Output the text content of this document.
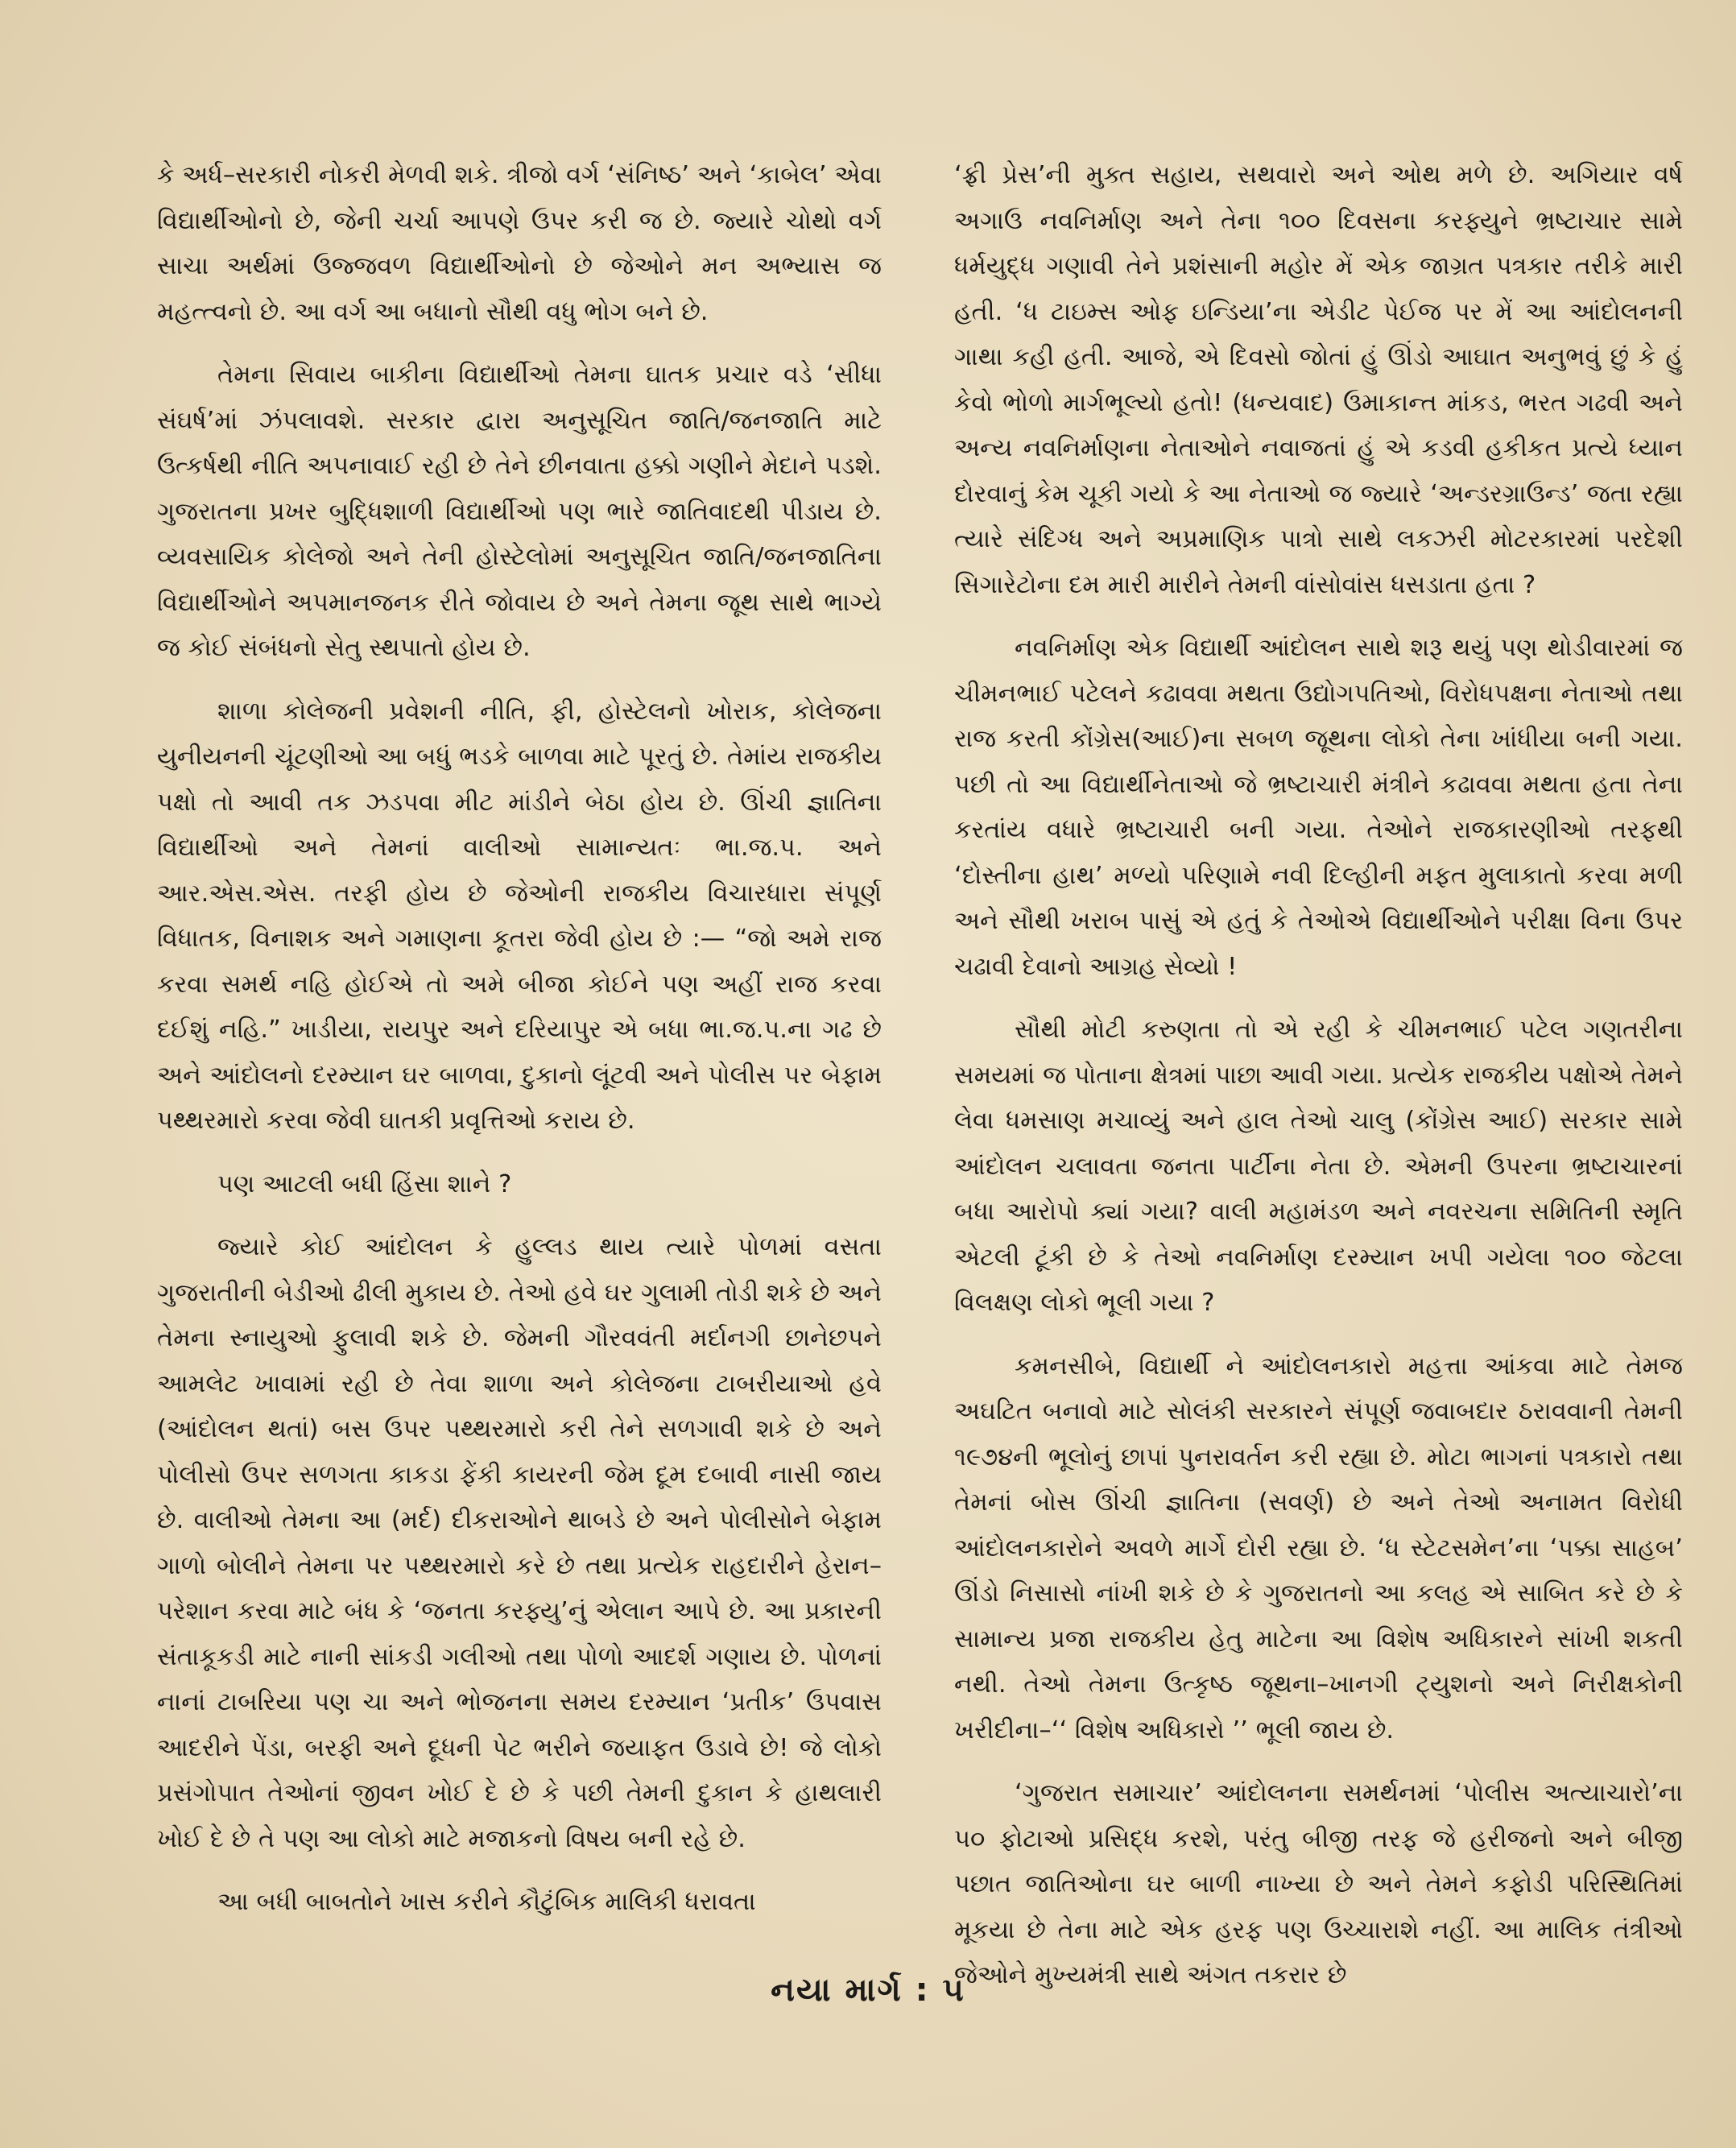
કે અર્ધ–સરકારી નોકરી મેળવી શકે. ત્રીજો વર્ગ ‘સંનિષ્ઠ’ અને ‘કાબેલ’ એવા વિદ્યાર્થીઓનો છે, જેની ચર્ચા આપણે ઉપર કરી જ છે. જ્યારે ચોથો વર્ગ સાચા અર્થમાં ઉજ્જવળ વિદ્યાર્થીઓનો છે જેઓને મન અભ્યાસ જ મહત્ત્વનો છે. આ વર્ગ આ બધાનો સૌથી વધુ ભોગ બને છે.

તેમના સિવાય બાકીના વિદ્યાર્થીઓ તેમના ઘાતક પ્રચાર વડે ‘સીધા સંઘર્ષ’માં ઝંપલાવશે. સરકાર દ્વારા અનુસૂચિત જાતિ/જનજાતિ માટે ઉત્કર્ષથી નીતિ અપનાવાઈ રહી છે તેને છીનવાતા હક્કો ગણીને મેદાને પડશે. ગુજરાતના પ્રખર બુદ્ધિશાળી વિદ્યાર્થીઓ પણ ભારે જાતિવાદથી પીડાય છે. વ્યવસાયિક કોલેજો અને તેની હોસ્ટેલોમાં અનુસૂચિત જાતિ/જનજાતિના વિદ્યાર્થીઓને અપમાનજનક રીતે જોવાય છે અને તેમના જૂથ સાથે ભાગ્યે જ કોઈ સંબંધનો સેતુ સ્થપાતો હોય છે.

શાળા કોલેજની પ્રવેશની નીતિ, ફી, હોસ્ટેલનો ખોરાક, કોલેજના યુનીયનની ચૂંટણીઓ આ બધું ભડકે બાળવા માટે પૂરતું છે. તેમાંય રાજકીય પક્ષો તો આવી તક ઝડપવા મીટ માંડીને બેઠા હોય છે. ઊંચી જ્ઞાતિના વિદ્યાર્થીઓ અને તેમનાં વાલીઓ સામાન્યતઃ ભા.જ.પ. અને આર.એસ.એસ. તરફી હોય છે જેઓની રાજકીય વિચારધારા સંપૂર્ણ વિધાતક, વિનાશક અને ગમાણના કૂતરા જેવી હોય છે :— “જો અમે રાજ કરવા સમર્થ નહિ હોઈએ તો અમે બીજા કોઈને પણ અહીં રાજ કરવા દઈશું નહિ.” ખાડીયા, રાયપુર અને દરિયાપુર એ બધા ભા.જ.પ.ના ગઢ છે અને આંદોલનો દરમ્યાન ઘર બાળવા, દુકાનો લૂંટવી અને પોલીસ પર બેફામ પથ્થરમારો કરવા જેવી ઘાતકી પ્રવૃત્તિઓ કરાય છે.

પણ આટલી બધી હિંસા શાને ?

જ્યારે કોઈ આંદોલન કે હુલ્લડ થાય ત્યારે પોળમાં વસતા ગુજરાતીની બેડીઓ ઢીલી મુકાય છે. તેઓ હવે ઘર ગુલામી તોડી શકે છે અને તેમના સ્નાયુઓ ફુલાવી શકે છે. જેમની ગૌરવવંતી મર્દાનગી છાનેછપને આમલેટ ખાવામાં રહી છે તેવા શાળા અને કોલેજના ટાબરીયાઓ હવે (આંદોલન થતાં) બસ ઉપર પથ્થરમારો કરી તેને સળગાવી શકે છે અને પોલીસો ઉપર સળગતા કાકડા ફેંકી કાયરની જેમ દૂમ દબાવી નાસી જાય છે. વાલીઓ તેમના આ (મર્દ) દીકરાઓને થાબડે છે અને પોલીસોને બેફામ ગાળો બોલીને તેમના પર પથ્થરમારો કરે છે તથા પ્રત્યેક રાહદારીને હેરાન–પરેશાન કરવા માટે બંધ કે ‘જનતા કરફ્યુ’નું એલાન આપે છે. આ પ્રકારની સંતાકૂકડી માટે નાની સાંકડી ગલીઓ તથા પોળો આદર્શ ગણાય છે. પોળનાં નાનાં ટાબરિયા પણ ચા અને ભોજનના સમય દરમ્યાન ‘પ્રતીક’ ઉપવાસ આદરીને પેંડા, બરફી અને દૂધની પેટ ભરીને જયાફત ઉડાવે છે! જે લોકો પ્રસંગોપાત તેઓનાં જીવન ખોઈ દે છે કે પછી તેમની દુકાન કે હાથલારી ખોઈ દે છે તે પણ આ લોકો માટે મજાકનો વિષય બની રહે છે.

આ બધી બાબતોને ખાસ કરીને કૌટુંબિક માલિકી ધરાવતા

‘ફ્રી પ્રેસ’ની મુક્ત સહાય, સથવારો અને ઓથ મળે છે. અગિયાર વર્ષ અગાઉ નવનિર્માણ અને તેના ૧૦૦ દિવસના કરફ્યુને ભ્રષ્ટાચાર સામે ધર્મયુદ્ધ ગણાવી તેને પ્રશંસાની મહોર મેં એક જાગ્રત પત્રકાર તરીકે મારી હતી. ‘ધ ટાઇમ્સ ઓફ ઇન્ડિયા’ના એડીટ પેઈજ પર મેં આ આંદોલનની ગાથા કહી હતી. આજે, એ દિવસો જોતાં હું ઊંડો આઘાત અનુભવું છું કે હું કેવો ભોળો માર્ગભૂલ્યો હતો! (ધન્યવાદ) ઉમાકાન્ત માંકડ, ભરત ગઢવી અને અન્ય નવનિર્માણના નેતાઓને નવાજતાં હું એ કડવી હકીકત પ્રત્યે ધ્યાન દોરવાનું કેમ ચૂકી ગયો કે આ નેતાઓ જ જ્યારે ‘અન્ડરગ્રાઉન્ડ’ જતા રહ્યા ત્યારે સંદિગ્ધ અને અપ્રમાણિક પાત્રો સાથે લકઝરી મોટરકારમાં પરદેશી સિગારેટોના દમ મારી મારીને તેમની વાંસોવાંસ ધસડાતા હતા ?

નવનિર્માણ એક વિદ્યાર્થી આંદોલન સાથે શરૂ થયું પણ થોડીવારમાં જ ચીમનભાઈ પટેલને કઢાવવા મથતા ઉદ્યોગપતિઓ, વિરોધપક્ષના નેતાઓ તથા રાજ કરતી કોંગ્રેસ(આઈ)ના સબળ જૂથના લોકો તેના ખાંધીયા બની ગયા. પછી તો આ વિદ્યાર્થીનેતાઓ જે ભ્રષ્ટાચારી મંત્રીને કઢાવવા મથતા હતા તેના કરતાંય વધારે ભ્રષ્ટાચારી બની ગયા. તેઓને રાજકારણીઓ તરફથી ‘દોસ્તીના હાથ’ મળ્યો પરિણામે નવી દિલ્હીની મફત મુલાકાતો કરવા મળી અને સૌથી ખરાબ પાસું એ હતું કે તેઓએ વિદ્યાર્થીઓને પરીક્ષા વિના ઉપર ચઢાવી દેવાનો આગ્રહ સેવ્યો !

સૌથી મોટી કરુણતા તો એ રહી કે ચીમનભાઈ પટેલ ગણતરીના સમયમાં જ પોતાના ક્ષેત્રમાં પાછા આવી ગયા. પ્રત્યેક રાજકીય પક્ષોએ તેમને લેવા ધમસાણ મચાવ્યું અને હાલ તેઓ ચાલુ (કોંગ્રેસ આઈ) સરકાર સામે આંદોલન ચલાવતા જનતા પાર્ટીના નેતા છે. એમની ઉપરના ભ્રષ્ટાચારનાં બધા આરોપો ક્યાં ગયા? વાલી મહામંડળ અને નવરચના સમિતિની સ્મૃતિ એટલી ટૂંકી છે કે તેઓ નવનિર્માણ દરમ્યાન ખપી ગયેલા ૧૦૦ જેટલા વિલક્ષણ લોકો ભૂલી ગયા ?

કમનસીબે, વિદ્યાર્થી ને આંદોલનકારો મહત્તા આંકવા માટે તેમજ અઘટિત બનાવો માટે સોલંકી સરકારને સંપૂર્ણ જવાબદાર ઠરાવવાની તેમની ૧૯૭૪ની ભૂલોનું છાપાં પુનરાવર્તન કરી રહ્યા છે. મોટા ભાગનાં પત્રકારો તથા તેમનાં બોસ ઊંચી જ્ઞાતિના (સવર્ણ) છે અને તેઓ અનામત વિરોધી આંદોલનકારોને અવળે માર્ગે દોરી રહ્યા છે. ‘ધ સ્ટેટસમેન’ના ‘પક્કા સાહબ’ ઊંડો નિસાસો નાંખી શકે છે કે ગુજરાતનો આ કલહ એ સાબિત કરે છે કે સામાન્ય પ્રજા રાજકીય હેતુ માટેના આ વિશેષ અધિકારને સાંખી શકતી નથી. તેઓ તેમના ઉત્કૃષ્ઠ જૂથના–ખાનગી ટ્યુશનો અને નિરીક્ષકોની ખરીદીના–‘‘ વિશેષ અધિકારો ’’ ભૂલી જાય છે.

‘ગુજરાત સમાચાર’ આંદોલનના સમર્થનમાં ‘પોલીસ અત્યાચારો’ના ૫૦ ફોટાઓ પ્રસિદ્ધ કરશે, પરંતુ બીજી તરફ જે હરીજનો અને બીજી પછાત જાતિઓના ઘર બાળી નાખ્યા છે અને તેમને કફોડી પરિસ્થિતિમાં મૂકયા છે તેના માટે એક હરફ પણ ઉચ્ચારાશે નહીં. આ માલિક તંત્રીઓ જેઓને મુખ્યમંત્રી સાથે અંગત તકરાર છે

નયા માર્ગ : ૫
